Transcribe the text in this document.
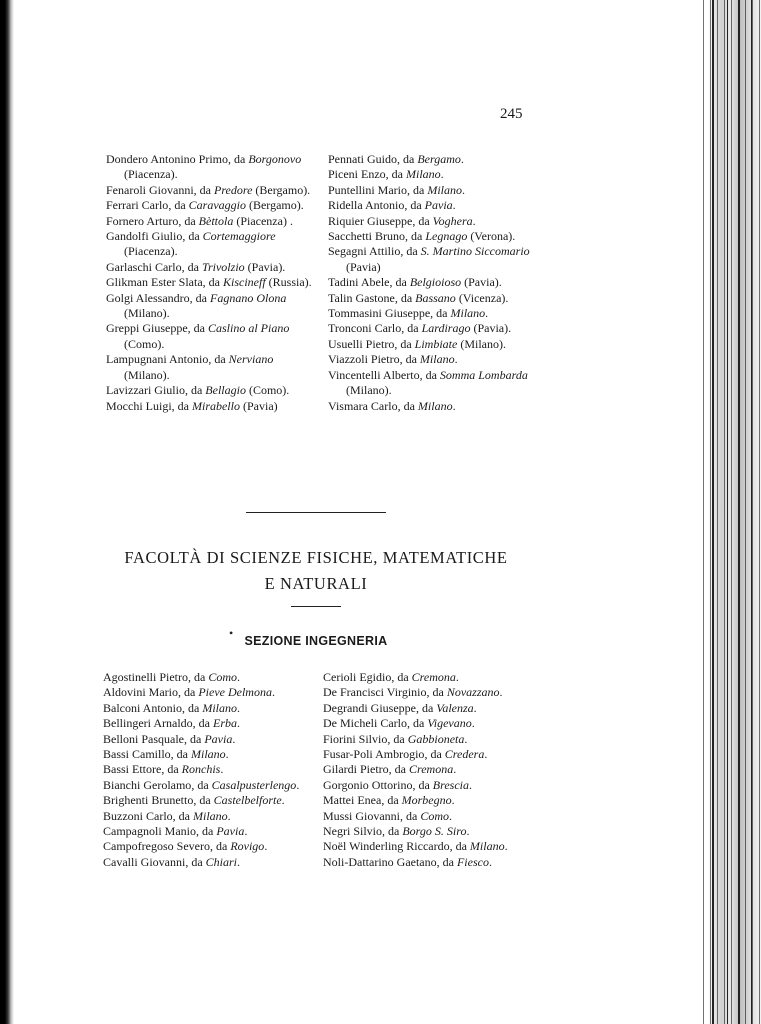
245

Dondero Antonino Primo, da Borgonovo (Piacenza).

Fenaroli Giovanni, da Predore (Bergamo).

Ferrari Carlo, da Caravaggio (Bergamo).

Fornero Arturo, da Bèttola (Piacenza) .

Gandolfi Giulio, da Cortemaggiore (Piacenza).

Garlaschi Carlo, da Trivolzio (Pavia).

Glikman Ester Slata, da Kiscineff (Russia).

Golgi Alessandro, da Fagnano Olona (Milano).

Greppi Giuseppe, da Caslino al Piano (Como).

Lampugnani Antonio, da Nerviano (Milano).

Lavizzari Giulio, da Bellagio (Como).

Mocchi Luigi, da Mirabello (Pavia)

Pennati Guido, da Bergamo.

Piceni Enzo, da Milano.

Puntellini Mario, da Milano.

Ridella Antonio, da Pavia.

Riquier Giuseppe, da Voghera.

Sacchetti Bruno, da Legnago (Verona).

Segagni Attilio, da S. Martino Siccomario (Pavia)

Tadini Abele, da Belgioioso (Pavia).

Talin Gastone, da Bassano (Vicenza).

Tommasini Giuseppe, da Milano.

Tronconi Carlo, da Lardirago (Pavia).

Usuelli Pietro, da Limbiate (Milano).

Viazzoli Pietro, da Milano.

Vincentelli Alberto, da Somma Lombarda (Milano).

Vismara Carlo, da Milano.

FACOLTÀ DI SCIENZE FISICHE, MATEMATICHE
E NATURALI
•
SEZIONE INGEGNERIA

Agostinelli Pietro, da Como.

Aldovini Mario, da Pieve Delmona.

Balconi Antonio, da Milano.

Bellingeri Arnaldo, da Erba.

Belloni Pasquale, da Pavia.

Bassi Camillo, da Milano.

Bassi Ettore, da Ronchis.

Bianchi Gerolamo, da Casalpusterlengo.

Brighenti Brunetto, da Castelbelforte.

Buzzoni Carlo, da Milano.

Campagnoli Manio, da Pavia.

Campofregoso Severo, da Rovigo.

Cavalli Giovanni, da Chiari.

Cerioli Egidio, da Cremona.

De Francisci Virginio, da Novazzano.

Degrandi Giuseppe, da Valenza.

De Micheli Carlo, da Vigevano.

Fiorini Silvio, da Gabbioneta.

Fusar-Poli Ambrogio, da Credera.

Gilardi Pietro, da Cremona.

Gorgonio Ottorino, da Brescia.

Mattei Enea, da Morbegno.

Mussi Giovanni, da Como.

Negri Silvio, da Borgo S. Siro.

Noël Winderling Riccardo, da Milano.

Noli-Dattarino Gaetano, da Fiesco.
